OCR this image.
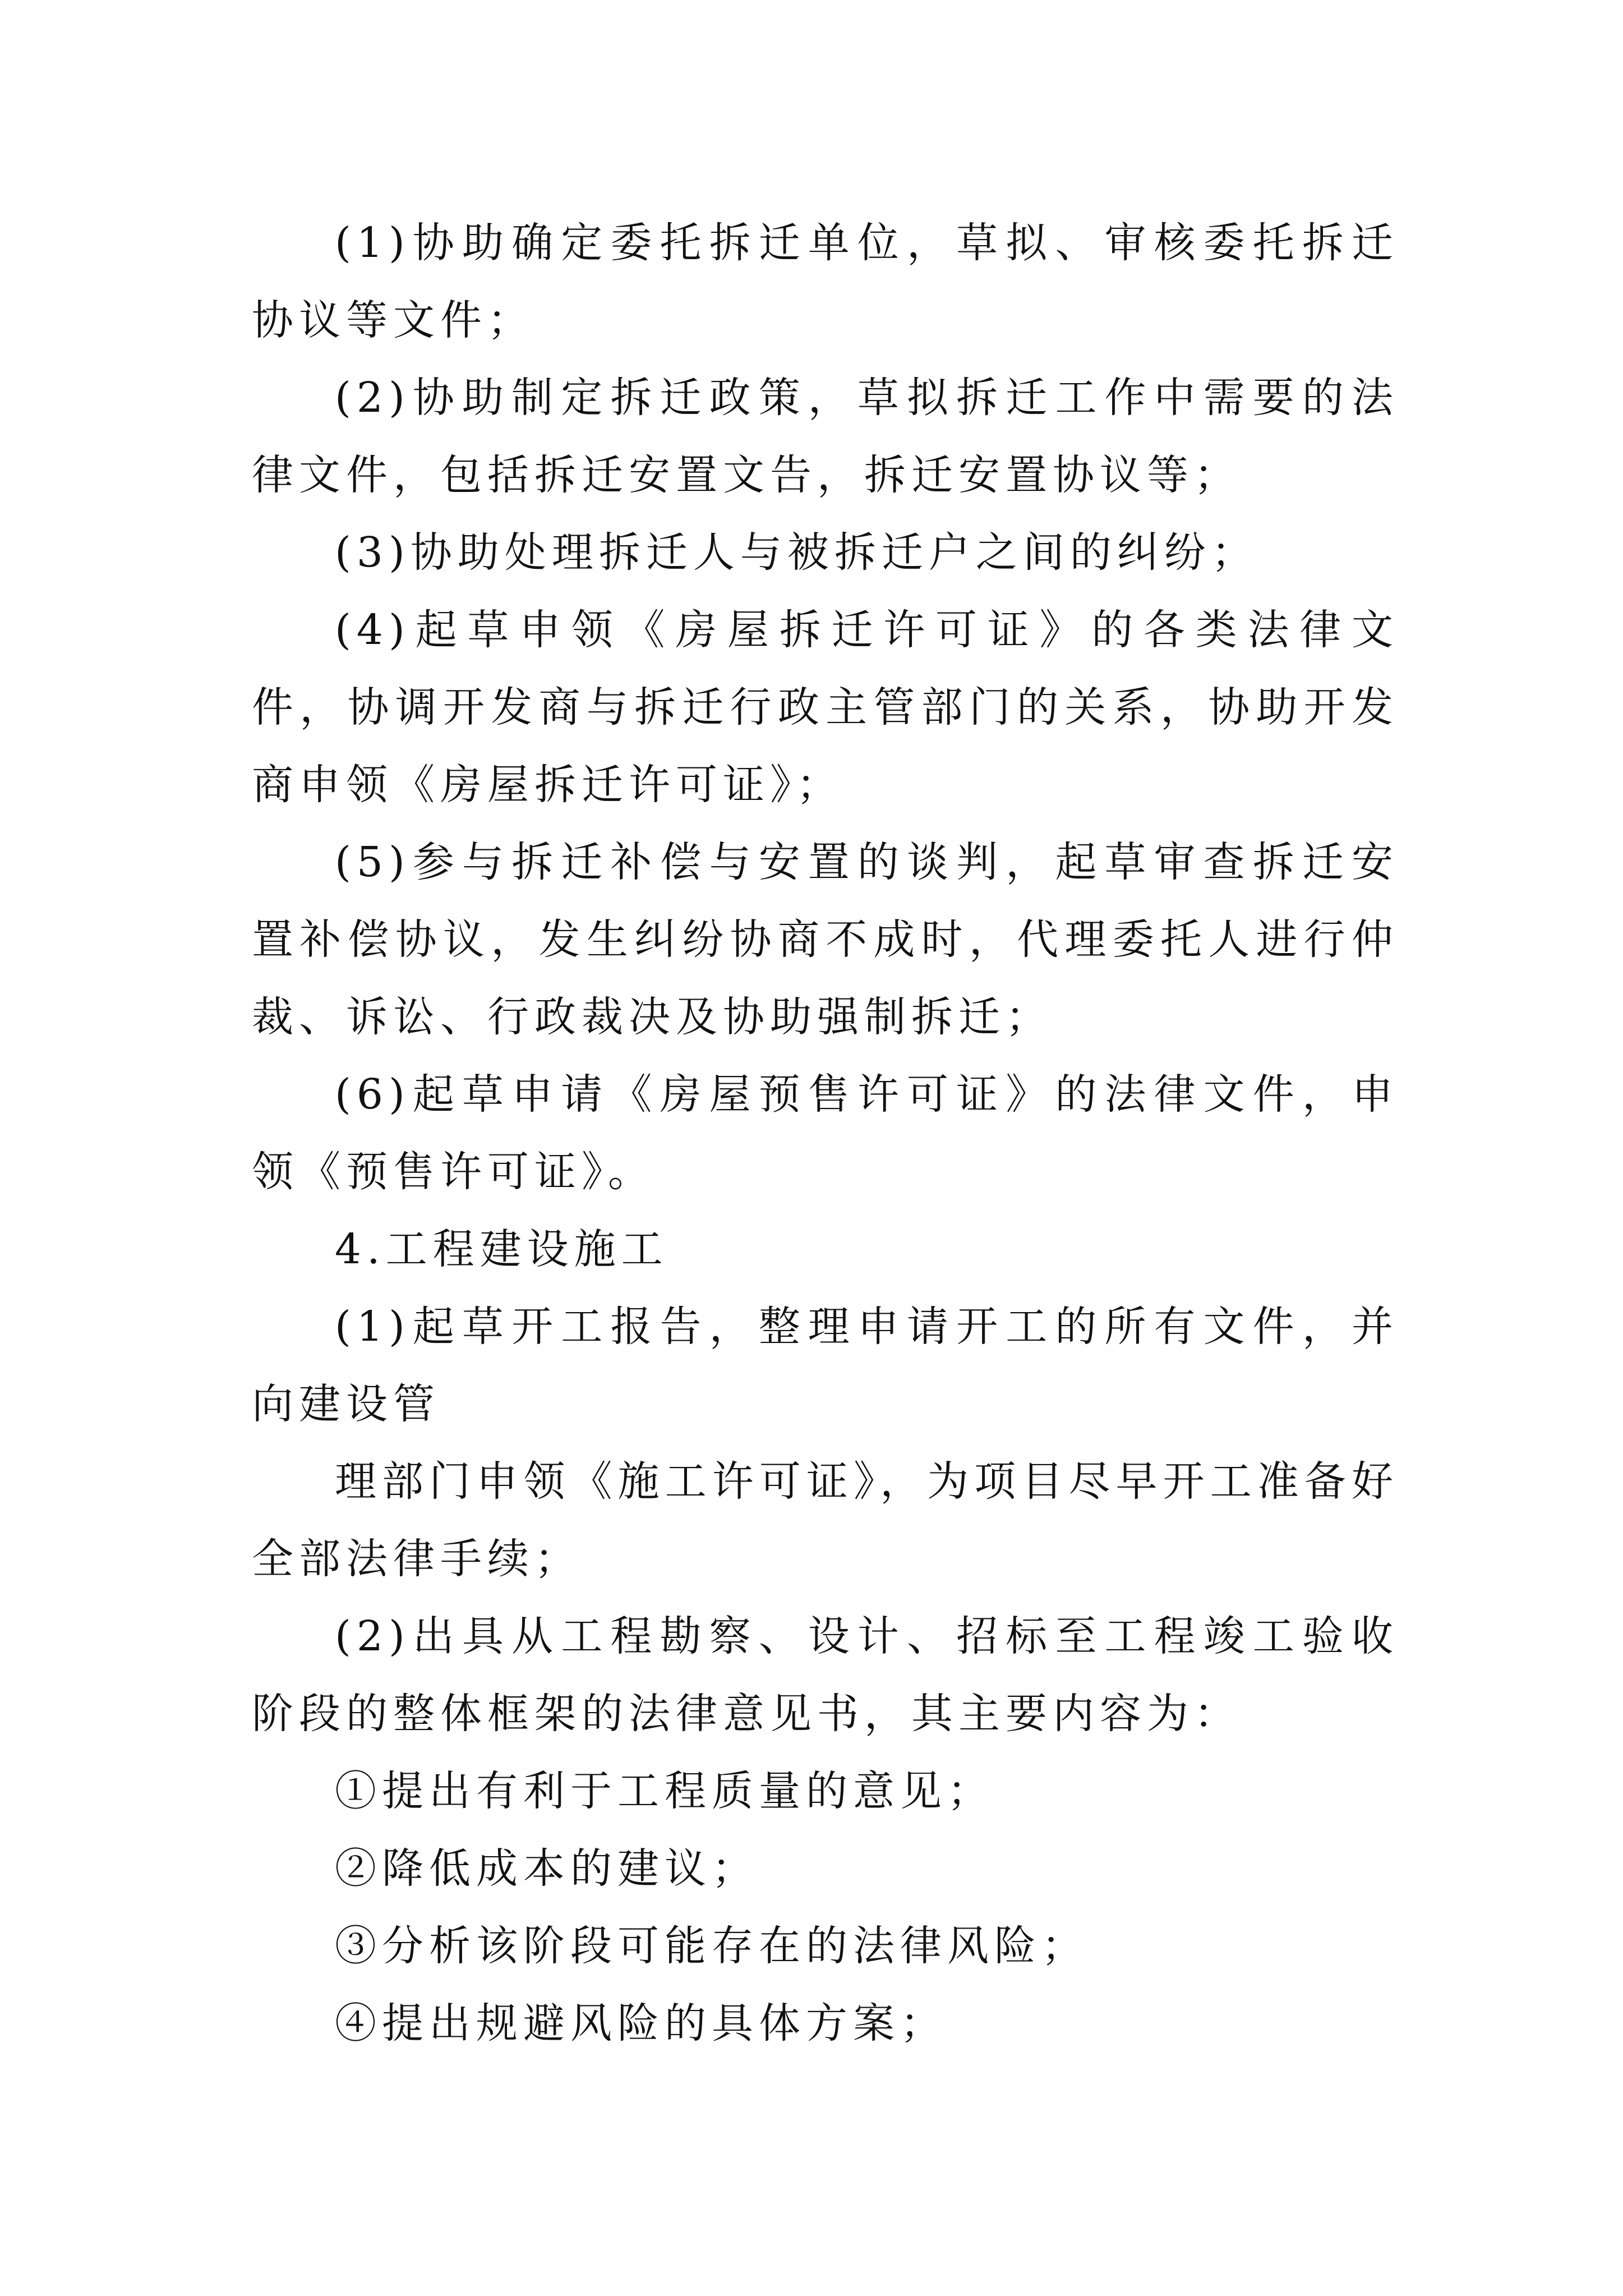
(1)协助确定委托拆迁单位，草拟、审核委托拆迁协议等文件；

(2)协助制定拆迁政策，草拟拆迁工作中需要的法律文件，包括拆迁安置文告，拆迁安置协议等；

(3)协助处理拆迁人与被拆迁户之间的纠纷；

(4)起草申领《房屋拆迁许可证》的各类法律文件，协调开发商与拆迁行政主管部门的关系，协助开发商申领《房屋拆迁许可证》；

(5)参与拆迁补偿与安置的谈判，起草审查拆迁安置补偿协议，发生纠纷协商不成时，代理委托人进行仲裁、诉讼、行政裁决及协助强制拆迁；

(6)起草申请《房屋预售许可证》的法律文件，申领《预售许可证》。

4.工程建设施工

(1)起草开工报告，整理申请开工的所有文件，并向建设管

理部门申领《施工许可证》，为项目尽早开工准备好全部法律手续；

(2)出具从工程勘察、设计、招标至工程竣工验收阶段的整体框架的法律意见书，其主要内容为：

①提出有利于工程质量的意见；

②降低成本的建议；

③分析该阶段可能存在的法律风险；

④提出规避风险的具体方案；
